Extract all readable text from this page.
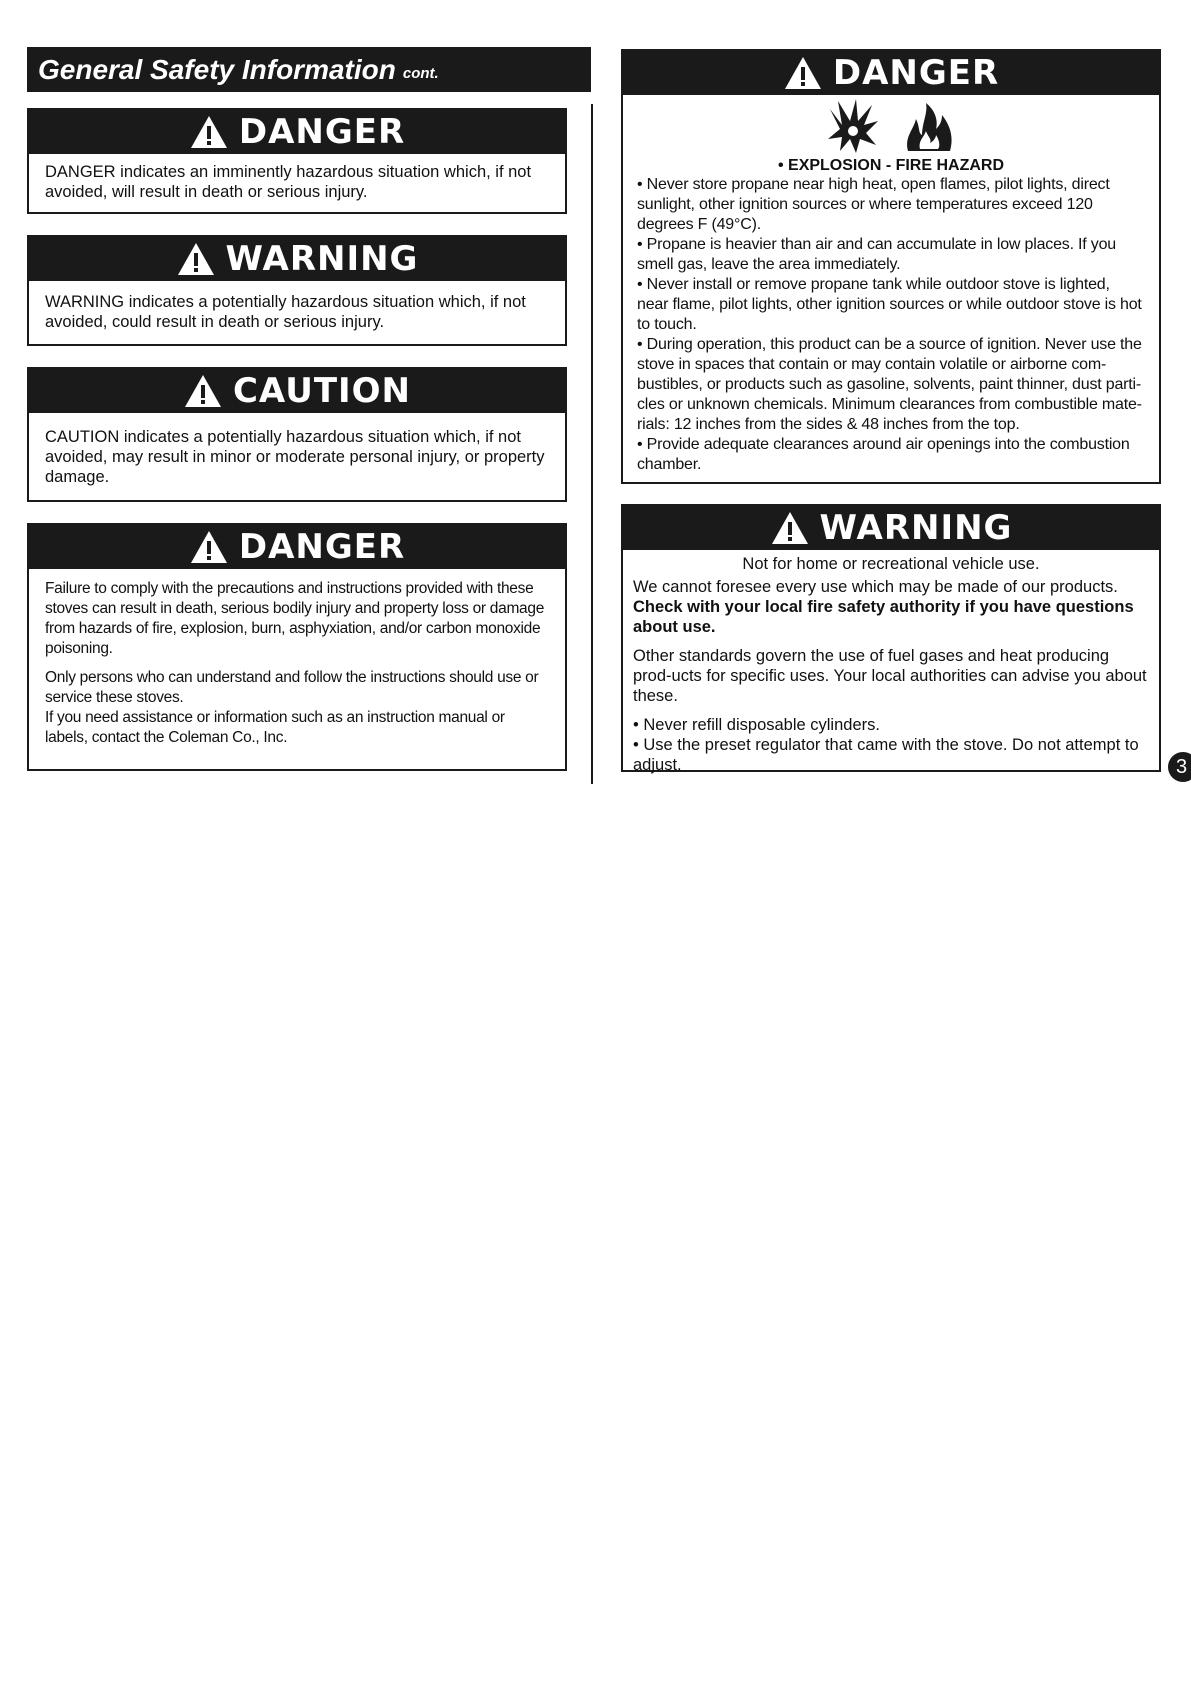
General Safety Information cont.
DANGER

DANGER indicates an imminently hazardous situation which, if not avoided, will result in death or serious injury.

WARNING

WARNING indicates a potentially hazardous situation which, if not avoided, could result in death or serious injury.

CAUTION

CAUTION indicates a potentially hazardous situation which, if not avoided, may result in minor or moderate personal injury, or property damage.

DANGER

Failure to comply with the precautions and instructions provided with these stoves can result in death, serious bodily injury and property loss or damage from hazards of fire, explosion, burn, asphyxiation, and/or carbon monoxide poisoning.

Only persons who can understand and follow the instructions should use or service these stoves.

If you need assistance or information such as an instruction manual or labels, contact the Coleman Co., Inc.

DANGER
• EXPLOSION - FIRE HAZARD

• Never store propane near high heat, open flames, pilot lights, direct sunlight, other ignition sources or where temperatures exceed 120 degrees F (49°C).

• Propane is heavier than air and can accumulate in low places. If you smell gas, leave the area immediately.

• Never install or remove propane tank while outdoor stove is lighted, near flame, pilot lights, other ignition sources or while outdoor stove is hot to touch.

• During operation, this product can be a source of ignition. Never use the stove in spaces that contain or may contain volatile or airborne com-bustibles, or products such as gasoline, solvents, paint thinner, dust parti-cles or unknown chemicals. Minimum clearances from combustible mate-rials: 12 inches from the sides & 48 inches from the top.

• Provide adequate clearances around air openings into the combustion chamber.

WARNING

Not for home or recreational vehicle use.

We cannot foresee every use which may be made of our products.

Check with your local fire safety authority if you have questions about use.

Other standards govern the use of fuel gases and heat producing prod-ucts for specific uses. Your local authorities can advise you about these.

• Never refill disposable cylinders.

• Use the preset regulator that came with the stove. Do not attempt to adjust.	3
